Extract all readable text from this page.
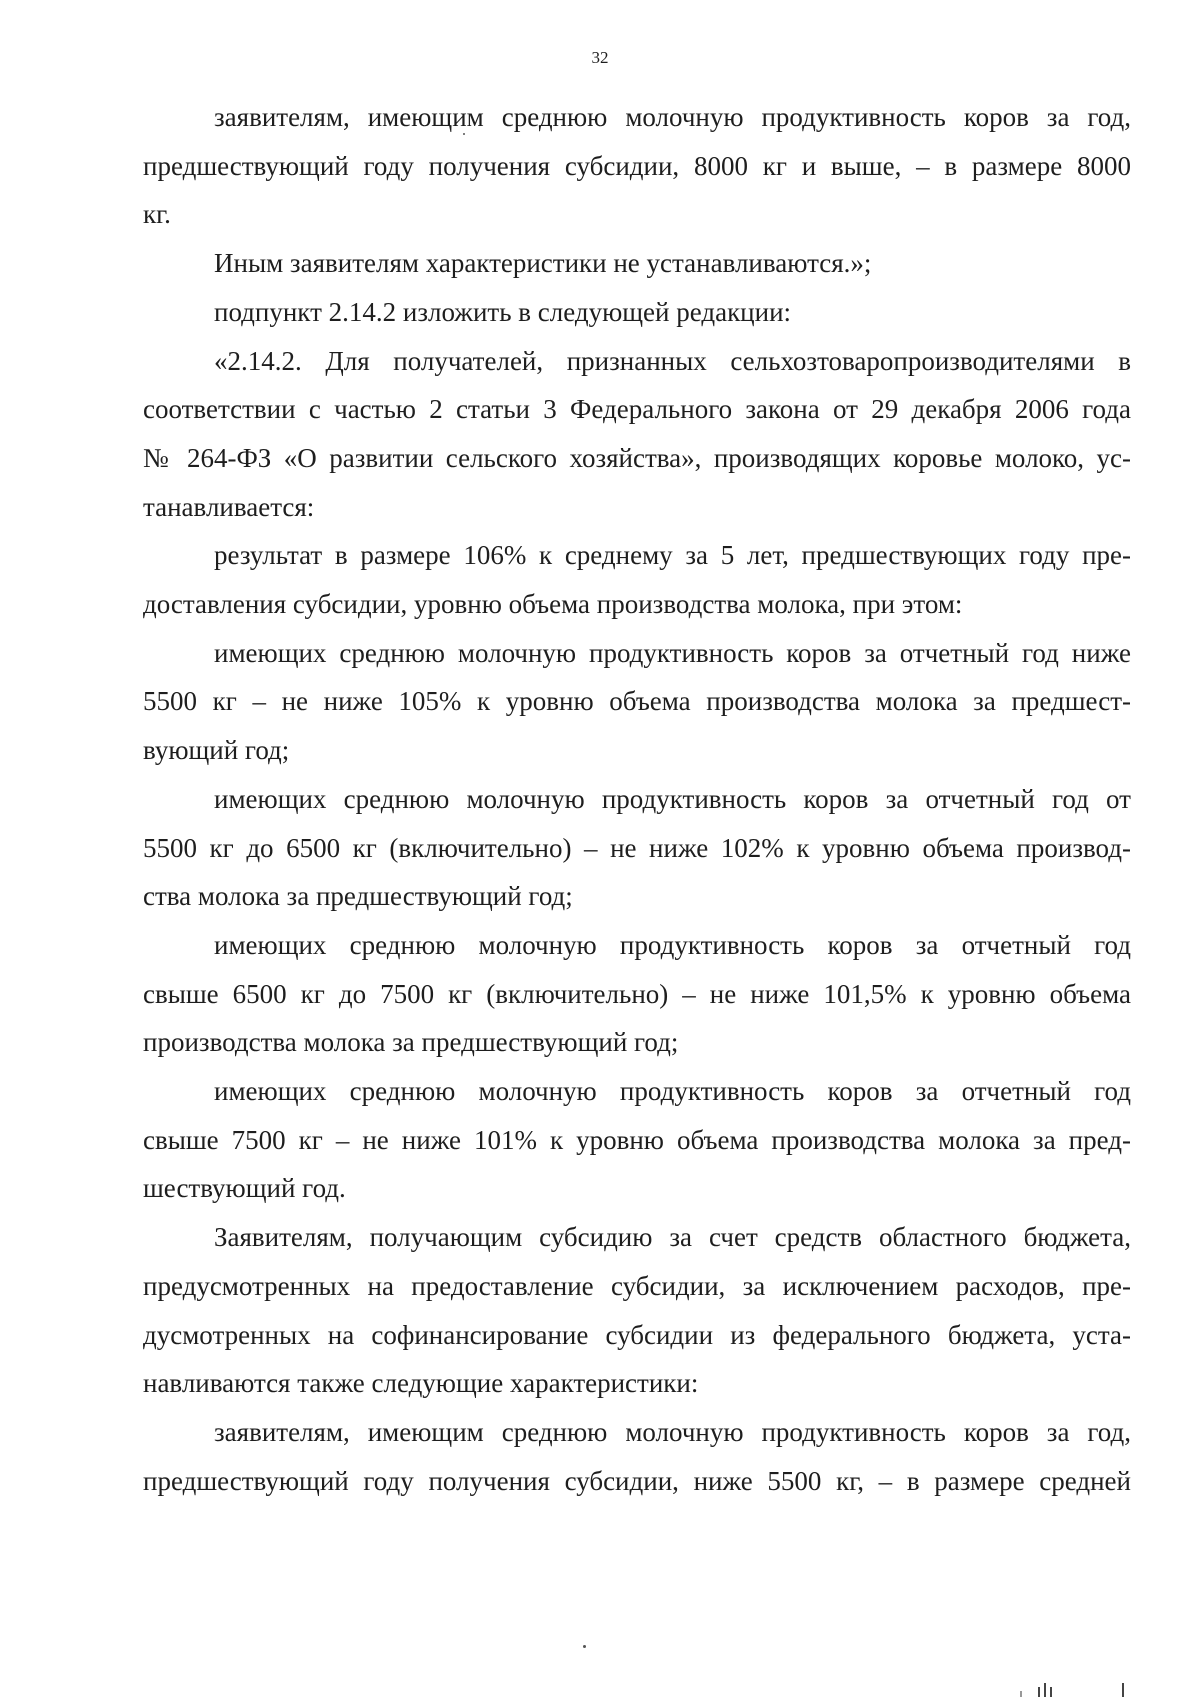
32
заявителям, имеющим среднюю молочную продуктивность коров за год,
предшествующий году получения субсидии, 8000 кг и выше, – в размере 8000
кг.
Иным заявителям характеристики не устанавливаются.»;
подпункт 2.14.2 изложить в следующей редакции:
«2.14.2. Для получателей, признанных сельхозтоваропроизводителями в
соответствии с частью 2 статьи 3 Федерального закона от 29 декабря 2006 года
№ 264-ФЗ «О развитии сельского хозяйства», производящих коровье молоко, ус-
танавливается:
результат в размере 106% к среднему за 5 лет, предшествующих году пре-
доставления субсидии, уровню объема производства молока, при этом:
имеющих среднюю молочную продуктивность коров за отчетный год ниже
5500 кг – не ниже 105% к уровню объема производства молока за предшест-
вующий год;
имеющих среднюю молочную продуктивность коров за отчетный год от
5500 кг до 6500 кг (включительно) – не ниже 102% к уровню объема производ-
ства молока за предшествующий год;
имеющих среднюю молочную продуктивность коров за отчетный год
свыше 6500 кг до 7500 кг (включительно) – не ниже 101,5% к уровню объема
производства молока за предшествующий год;
имеющих среднюю молочную продуктивность коров за отчетный год
свыше 7500 кг – не ниже 101% к уровню объема производства молока за пред-
шествующий год.
Заявителям, получающим субсидию за счет средств областного бюджета,
предусмотренных на предоставление субсидии, за исключением расходов, пре-
дусмотренных на софинансирование субсидии из федерального бюджета, уста-
навливаются также следующие характеристики:
заявителям, имеющим среднюю молочную продуктивность коров за год,
предшествующий году получения субсидии, ниже 5500 кг, – в размере средней
